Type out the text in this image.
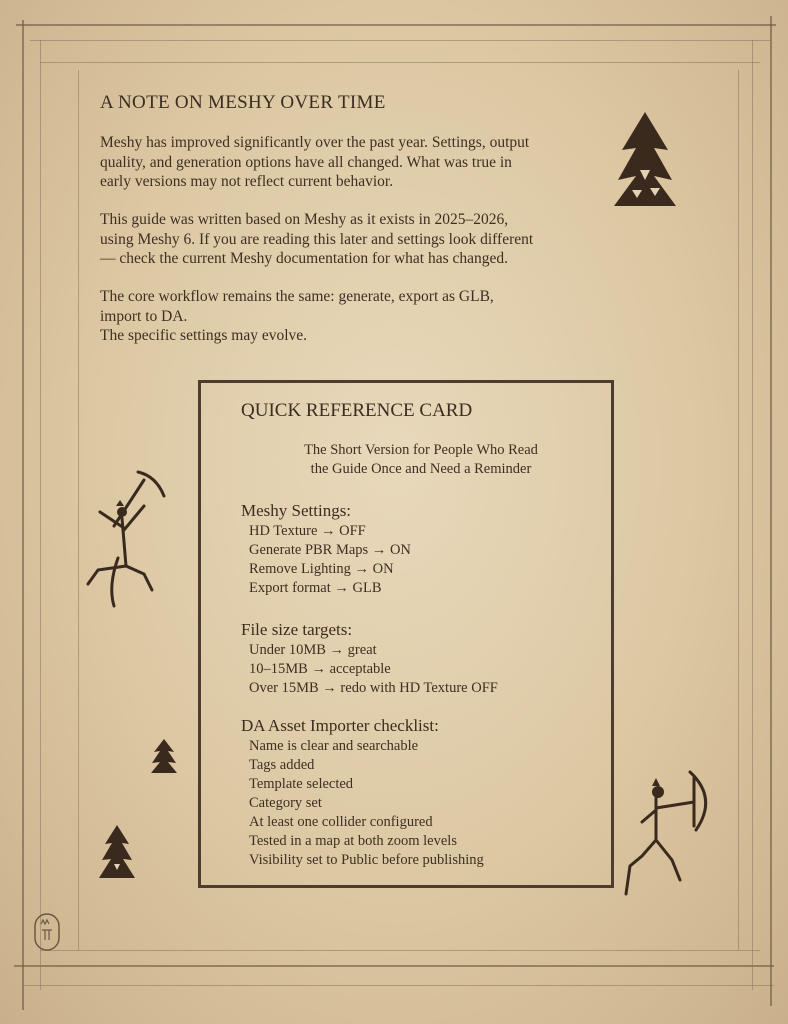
A NOTE ON MESHY OVER TIME

Meshy has improved significantly over the past year. Settings, output
quality, and generation options have all changed. What was true in
early versions may not reflect current behavior.

This guide was written based on Meshy as it exists in 2025–2026,
using Meshy 6. If you are reading this later and settings look different
— check the current Meshy documentation for what has changed.

The core workflow remains the same: generate, export as GLB,
import to DA.
The specific settings may evolve.

QUICK REFERENCE CARD
The Short Version for People Who Read
the Guide Once and Need a Reminder
Meshy Settings:
HD Texture → OFF
Generate PBR Maps → ON
Remove Lighting → ON
Export format → GLB
File size targets:
Under 10MB → great
10–15MB → acceptable
Over 15MB → redo with HD Texture OFF
DA Asset Importer checklist:
Name is clear and searchable
Tags added
Template selected
Category set
At least one collider configured
Tested in a map at both zoom levels
Visibility set to Public before publishing
